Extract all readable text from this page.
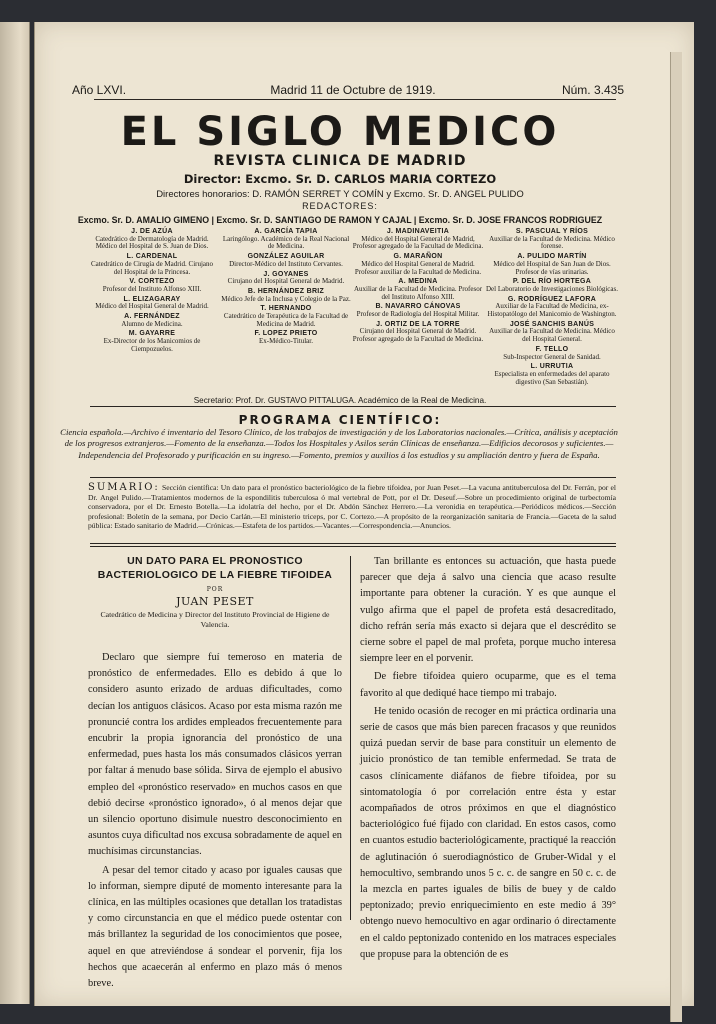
Año LXVI.	Madrid 11 de Octubre de 1919.	Núm. 3.435
EL SIGLO MEDICO
REVISTA CLINICA DE MADRID
Director: Excmo. Sr. D. CARLOS MARIA CORTEZO
Directores honorarios: D. RAMÓN SERRET Y COMÍN y Excmo. Sr. D. ANGEL PULIDO
REDACTORES:
Excmo. Sr. D. AMALIO GIMENO | Excmo. Sr. D. SANTIAGO DE RAMON Y CAJAL | Excmo. Sr. D. JOSE FRANCOS RODRIGUEZ
J. DE AZÚA
Catedrático de Dermatología de Madrid. Médico del Hospital de S. Juan de Dios.
L. CARDENAL
Catedrático de Cirugía de Madrid. Cirujano del Hospital de la Princesa.
V. CORTEZO
Profesor del Instituto Alfonso XIII.
L. ELIZAGARAY
Médico del Hospital General de Madrid.
A. FERNÁNDEZ
Alumno de Medicina.
M. GAYARRE
Ex-Director de los Manicomios de Ciempozuelos.
A. GARCÍA TAPIA
Laringólogo. Académico de la Real Nacional de Medicina.
GONZÁLEZ AGUILAR
Director-Médico del Instituto Cervantes.
J. GOYANES
Cirujano del Hospital General de Madrid.
B. HERNÁNDEZ BRIZ
Médico Jefe de la Inclusa y Colegio de la Paz.
T. HERNANDO
Catedrático de Terapéutica de la Facultad de Medicina de Madrid.
F. LOPEZ PRIETO
Ex-Médico-Titular.
J. MADINAVEITIA
Médico del Hospital General de Madrid, Profesor agregado de la Facultad de Medicina.
G. MARAÑON
Médico del Hospital General de Madrid. Profesor auxiliar de la Facultad de Medicina.
A. MEDINA
Auxiliar de la Facultad de Medicina. Profesor del Instituto Alfonso XIII.
B. NAVARRO CÁNOVAS
Profesor de Radiología del Hospital Militar.
J. ORTIZ DE LA TORRE
Cirujano del Hospital General de Madrid. Profesor agregado de la Facultad de Medicina.
S. PASCUAL Y RÍOS
Auxiliar de la Facultad de Medicina. Médico forense.
A. PULIDO MARTÍN
Médico del Hospital de San Juan de Dios. Profesor de vías urinarias.
P. DEL RÍO HORTEGA
Del Laboratorio de Investigaciones Biológicas.
G. RODRÍGUEZ LAFORA
Auxiliar de la Facultad de Medicina, ex-Histopatólogo del Manicomio de Washington.
JOSÉ SANCHIS BANÚS
Auxiliar de la Facultad de Medicina. Médico del Hospital General.
F. TELLO
Sub-Inspector General de Sanidad.
L. URRUTIA
Especialista en enfermedades del aparato digestivo (San Sebastián).
Secretario: Prof. Dr. GUSTAVO PITTALUGA. Académico de la Real de Medicina.
PROGRAMA CIENTÍFICO:
Ciencia española.—Archivo é inventario del Tesoro Clínico, de los trabajos de investigación y de los Laboratorios nacionales.—Crítica, análisis y aceptación de los progresos extranjeros.—Fomento de la enseñanza.—Todos los Hospitales y Asilos serán Clínicas de enseñanza.—Edificios decorosos y suficientes.—Independencia del Profesorado y purificación en su ingreso.—Fomento, premios y auxilios á los estudios y su ampliación dentro y fuera de España.
SUMARIO: Sección científica: Un dato para el pronóstico bacteriológico de la fiebre tifoidea, por Juan Peset.—La vacuna antituberculosa del Dr. Ferrán, por el Dr. Angel Pulido.—Tratamientos modernos de la espondilitis tuberculosa ó mal vertebral de Pott, por el Dr. Deseuf.—Sobre un procedimiento original de turbectomía conservadora, por el Dr. Ernesto Botella.—La idolatría del hecho, por el Dr. Abdón Sánchez Herrero.—La veronidia en terapéutica.—Periódicos médicos.—Sección profesional: Boletín de la semana, por Decio Carlán.—El ministerio triceps, por C. Cortezo.—A propósito de la reorganización sanitaria de Francia.—Gaceta de la salud pública: Estado sanitario de Madrid.—Crónicas.—Estafeta de los partidos.—Vacantes.—Correspondencia.—Anuncios.
UN DATO PARA EL PRONOSTICO BACTERIOLOGICO DE LA FIEBRE TIFOIDEA
POR
JUAN PESET
Catedrático de Medicina y Director del Instituto Provincial de Higiene de Valencia.

Declaro que siempre fuí temeroso en materia de pronóstico de enfermedades. Ello es debido á que lo considero asunto erizado de arduas dificultades, como decían los antiguos clásicos. Acaso por esta misma razón me pronuncié contra los ardides empleados frecuentemente para encubrir la propia ignorancia del pronóstico de una enfermedad, pues hasta los más consumados clásicos yerran por faltar á menudo base sólida. Sirva de ejemplo el abusivo empleo del «pronóstico reservado» en muchos casos en que debió decirse «pronóstico ignorado», ó al menos dejar que un silencio oportuno disimule nuestro desconocimiento en asuntos cuya dificultad nos excusa sobradamente de aquel en muchísimas circunstancias.

A pesar del temor citado y acaso por iguales causas que lo informan, siempre diputé de momento interesante para la clínica, en las múltiples ocasiones que detallan los tratadistas y como circunstancia en que el médico puede ostentar con más brillantez la seguridad de los conocimientos que posee, aquel en que atreviéndose á sondear el porvenir, fija los hechos que acaecerán al enfermo en plazo más ó menos breve.

Tan brillante es entonces su actuación, que hasta puede parecer que deja á salvo una ciencia que acaso resulte importante para obtener la curación. Y es que aunque el vulgo afirma que el papel de profeta está desacreditado, dicho refrán sería más exacto si dejara que el descrédito se cierne sobre el papel de mal profeta, porque mucho interesa siempre leer en el porvenir.

De fiebre tifoidea quiero ocuparme, que es el tema favorito al que dediqué hace tiempo mi trabajo.

He tenido ocasión de recoger en mi práctica ordinaria una serie de casos que más bien parecen fracasos y que reunidos quizá puedan servir de base para constituir un elemento de juicio pronóstico de tan temible enfermedad. Se trata de casos clínicamente diáfanos de fiebre tifoidea, por su sintomatología ó por correlación entre ésta y estar acompañados de otros próximos en que el diagnóstico bacteriológico fué fijado con claridad. En estos casos, como en cuantos estudio bacteriológicamente, practiqué la reacción de aglutinación ó suerodiagnóstico de Gruber-Widal y el hemocultivo, sembrando unos 5 c. c. de sangre en 50 c. c. de la mezcla en partes iguales de bilis de buey y de caldo peptonizado; previo enriquecimiento en este medio á 39° obtengo nuevo hemocultivo en agar ordinario ó directamente en el caldo peptonizado contenido en los matraces especiales que propuse para la obtención de es
